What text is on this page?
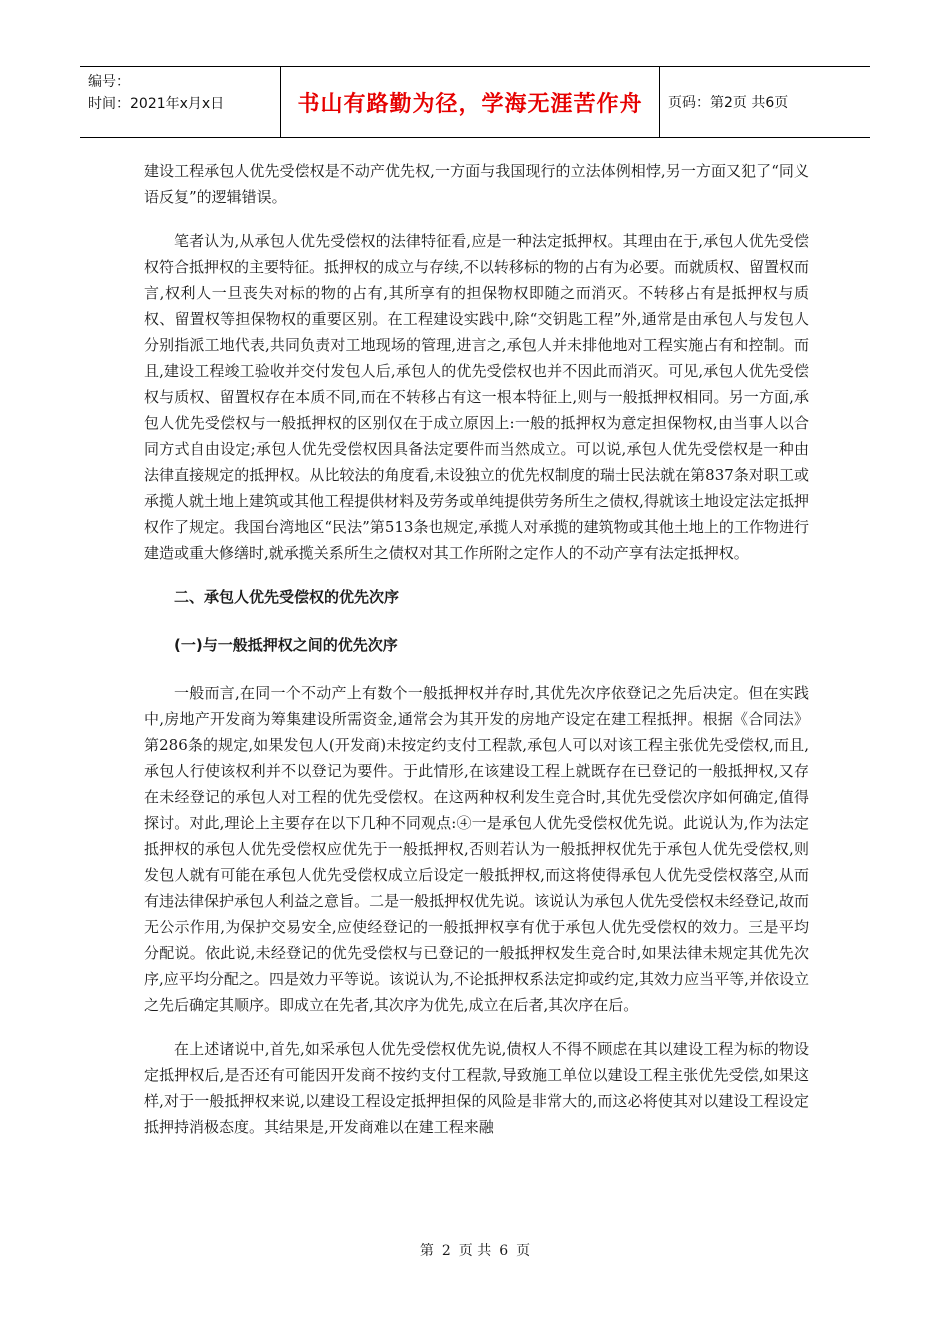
编号：
时间：2021年x月x日	书山有路勤为径，学海无涯苦作舟	页码：第2页 共6页

建设工程承包人优先受偿权是不动产优先权,一方面与我国现行的立法体例相悖,另一方面又犯了“同义语反复”的逻辑错误。

笔者认为,从承包人优先受偿权的法律特征看,应是一种法定抵押权。其理由在于,承包人优先受偿权符合抵押权的主要特征。抵押权的成立与存续,不以转移标的物的占有为必要。而就质权、留置权而言,权利人一旦丧失对标的物的占有,其所享有的担保物权即随之而消灭。不转移占有是抵押权与质权、留置权等担保物权的重要区别。在工程建设实践中,除“交钥匙工程”外,通常是由承包人与发包人分别指派工地代表,共同负责对工地现场的管理,进言之,承包人并未排他地对工程实施占有和控制。而且,建设工程竣工验收并交付发包人后,承包人的优先受偿权也并不因此而消灭。可见,承包人优先受偿权与质权、留置权存在本质不同,而在不转移占有这一根本特征上,则与一般抵押权相同。另一方面,承包人优先受偿权与一般抵押权的区别仅在于成立原因上:一般的抵押权为意定担保物权,由当事人以合同方式自由设定;承包人优先受偿权因具备法定要件而当然成立。可以说,承包人优先受偿权是一种由法律直接规定的抵押权。从比较法的角度看,未设独立的优先权制度的瑞士民法就在第837条对职工或承揽人就土地上建筑或其他工程提供材料及劳务或单纯提供劳务所生之债权,得就该土地设定法定抵押权作了规定。我国台湾地区“民法”第513条也规定,承揽人对承揽的建筑物或其他土地上的工作物进行建造或重大修缮时,就承揽关系所生之债权对其工作所附之定作人的不动产享有法定抵押权。

二、承包人优先受偿权的优先次序
(一)与一般抵押权之间的优先次序

一般而言,在同一个不动产上有数个一般抵押权并存时,其优先次序依登记之先后决定。但在实践中,房地产开发商为筹集建设所需资金,通常会为其开发的房地产设定在建工程抵押。根据《合同法》第286条的规定,如果发包人(开发商)未按定约支付工程款,承包人可以对该工程主张优先受偿权,而且,承包人行使该权利并不以登记为要件。于此情形,在该建设工程上就既存在已登记的一般抵押权,又存在未经登记的承包人对工程的优先受偿权。在这两种权利发生竞合时,其优先受偿次序如何确定,值得探讨。对此,理论上主要存在以下几种不同观点:④一是承包人优先受偿权优先说。此说认为,作为法定抵押权的承包人优先受偿权应优先于一般抵押权,否则若认为一般抵押权优先于承包人优先受偿权,则发包人就有可能在承包人优先受偿权成立后设定一般抵押权,而这将使得承包人优先受偿权落空,从而有违法律保护承包人利益之意旨。二是一般抵押权优先说。该说认为承包人优先受偿权未经登记,故而无公示作用,为保护交易安全,应使经登记的一般抵押权享有优于承包人优先受偿权的效力。三是平均分配说。依此说,未经登记的优先受偿权与已登记的一般抵押权发生竞合时,如果法律未规定其优先次序,应平均分配之。四是效力平等说。该说认为,不论抵押权系法定抑或约定,其效力应当平等,并依设立之先后确定其顺序。即成立在先者,其次序为优先,成立在后者,其次序在后。

在上述诸说中,首先,如采承包人优先受偿权优先说,债权人不得不顾虑在其以建设工程为标的物设定抵押权后,是否还有可能因开发商不按约支付工程款,导致施工单位以建设工程主张优先受偿,如果这样,对于一般抵押权来说,以建设工程设定抵押担保的风险是非常大的,而这必将使其对以建设工程设定抵押持消极态度。其结果是,开发商难以在建工程来融

第 2 页 共 6 页
